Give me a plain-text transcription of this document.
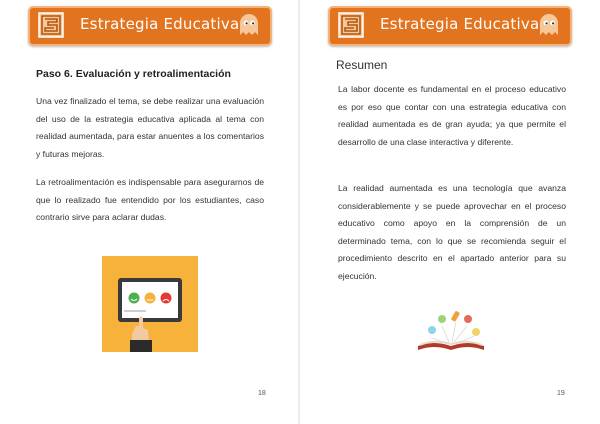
Estrategia Educativa
Paso 6. Evaluación y retroalimentación
Una vez finalizado el tema, se debe realizar una evaluación del uso de la estrategia educativa aplicada al tema con realidad aumentada, para estar anuentes a los comentarios y futuras mejoras.
La retroalimentación es indispensable para asegurarnos de que lo realizado fue entendido por los estudiantes, caso contrario sirve para aclarar dudas.
18
Estrategia Educativa
Resumen
La labor docente es fundamental en el proceso educativo es por eso que contar con una estrategia educativa con realidad aumentada es de gran ayuda; ya que permite el desarrollo de una clase interactiva y diferente.
La realidad aumentada es una tecnología que avanza considerablemente y se puede aprovechar en el proceso educativo como apoyo en la comprensión de un determinado tema, con lo que se recomienda seguir el procedimiento descrito en el apartado anterior para su ejecución.
19
